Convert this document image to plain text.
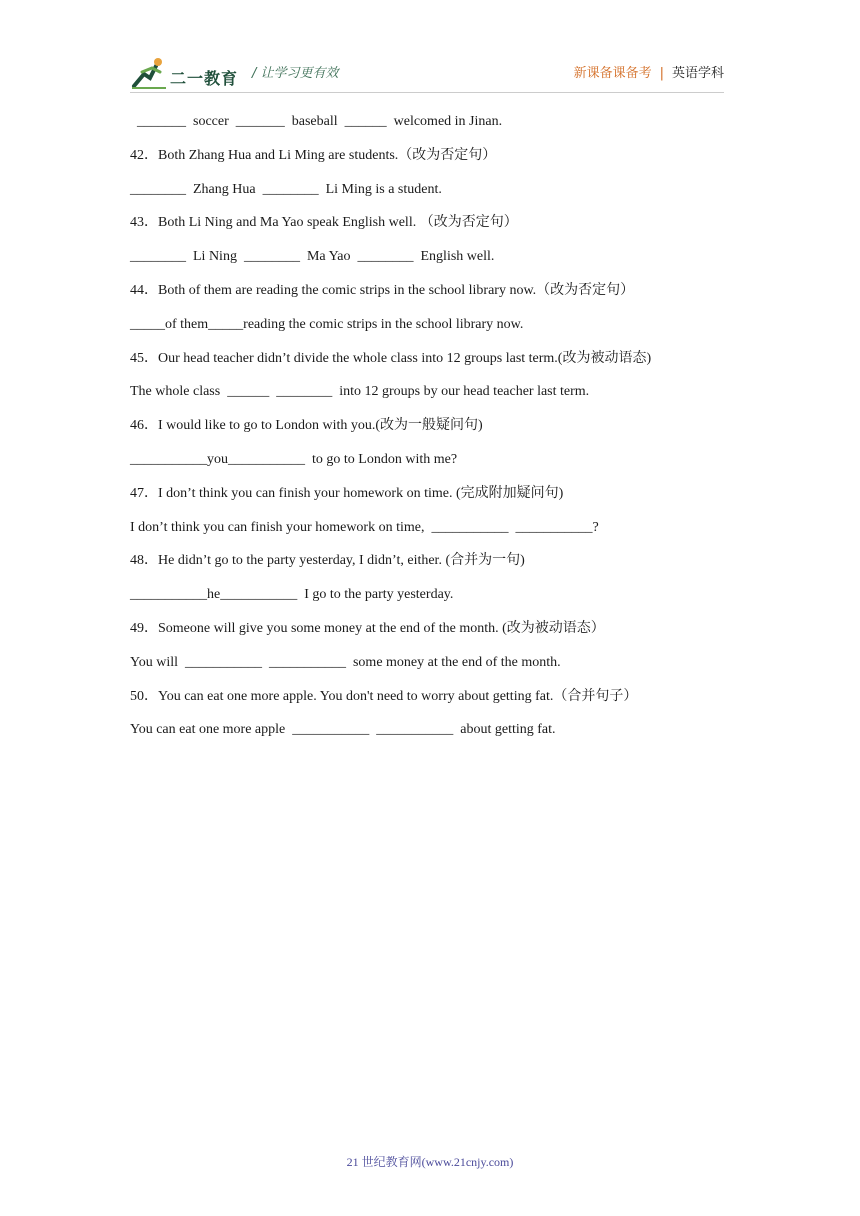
二一教育 / 让学习更有效	新课备课备考 | 英语学科
_______  soccer  _______  baseball  ______  welcomed in Jinan.
42．Both Zhang Hua and Li Ming are students.（改为否定句）
________  Zhang Hua  ________  Li Ming is a student.
43．Both Li Ning and Ma Yao speak English well. （改为否定句）
________  Li Ning  ________  Ma Yao  ________  English well.
44．Both of them are reading the comic strips in the school library now.（改为否定句）
_____of them_____reading the comic strips in the school library now.
45．Our head teacher didn’t divide the whole class into 12 groups last term.(改为被动语态)
The whole class  ______  ________  into 12 groups by our head teacher last term.
46．I would like to go to London with you.(改为一般疑问句)
___________you___________  to go to London with me?
47．I don’t think you can finish your homework on time. (完成附加疑问句)
I don’t think you can finish your homework on time,  ___________  ___________?
48．He didn’t go to the party yesterday, I didn’t, either. (合并为一句)
___________he___________  I go to the party yesterday.
49．Someone will give you some money at the end of the month. (改为被动语态）
You will  ___________  ___________  some money at the end of the month.
50．You can eat one more apple. You don't need to worry about getting fat.（合并句子）
You can eat one more apple  ___________  ___________  about getting fat.
21 世纪教育网(www.21cnjy.com)
